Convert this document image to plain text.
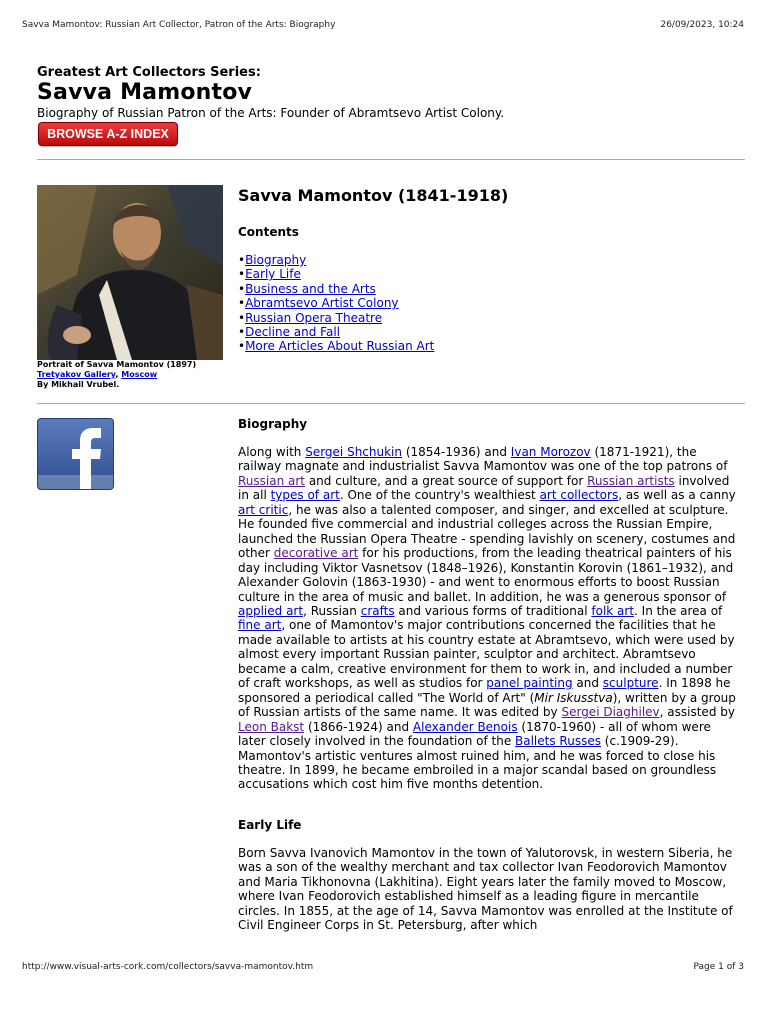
Savva Mamontov: Russian Art Collector, Patron of the Arts: Biography	26/09/2023, 10:24
Greatest Art Collectors Series:
Savva Mamontov
Biography of Russian Patron of the Arts: Founder of Abramtsevo Artist Colony.
BROWSE A-Z INDEX
Portrait of Savva Mamontov (1897)
Tretyakov Gallery, Moscow
By Mikhail Vrubel.
Savva Mamontov (1841-1918)
Contents
• Biography
• Early Life
• Business and the Arts
• Abramtsevo Artist Colony
• Russian Opera Theatre
• Decline and Fall
• More Articles About Russian Art
Biography

Along with Sergei Shchukin (1854-1936) and Ivan Morozov (1871-1921), the railway magnate and industrialist Savva Mamontov was one of the top patrons of Russian art and culture, and a great source of support for Russian artists involved in all types of art. One of the country's wealthiest art collectors, as well as a canny art critic, he was also a talented composer, and singer, and excelled at sculpture. He founded five commercial and industrial colleges across the Russian Empire, launched the Russian Opera Theatre - spending lavishly on scenery, costumes and other decorative art for his productions, from the leading theatrical painters of his day including Viktor Vasnetsov (1848–1926), Konstantin Korovin (1861–1932), and Alexander Golovin (1863-1930) - and went to enormous efforts to boost Russian culture in the area of music and ballet. In addition, he was a generous sponsor of applied art, Russian crafts and various forms of traditional folk art. In the area of fine art, one of Mamontov's major contributions concerned the facilities that he made available to artists at his country estate at Abramtsevo, which were used by almost every important Russian painter, sculptor and architect. Abramtsevo became a calm, creative environment for them to work in, and included a number of craft workshops, as well as studios for panel painting and sculpture. In 1898 he sponsored a periodical called "The World of Art" (Mir Iskusstva), written by a group of Russian artists of the same name. It was edited by Sergei Diaghilev, assisted by Leon Bakst (1866-1924) and Alexander Benois (1870-1960) - all of whom were later closely involved in the foundation of the Ballets Russes (c.1909-29). Mamontov's artistic ventures almost ruined him, and he was forced to close his theatre. In 1899, he became embroiled in a major scandal based on groundless accusations which cost him five months detention.

Early Life

Born Savva Ivanovich Mamontov in the town of Yalutorovsk, in western Siberia, he was a son of the wealthy merchant and tax collector Ivan Feodorovich Mamontov and Maria Tikhonovna (Lakhitina). Eight years later the family moved to Moscow, where Ivan Feodorovich established himself as a leading figure in mercantile circles. In 1855, at the age of 14, Savva Mamontov was enrolled at the Institute of Civil Engineer Corps in St. Petersburg, after which

http://www.visual-arts-cork.com/collectors/savva-mamontov.htm	Page 1 of 3
